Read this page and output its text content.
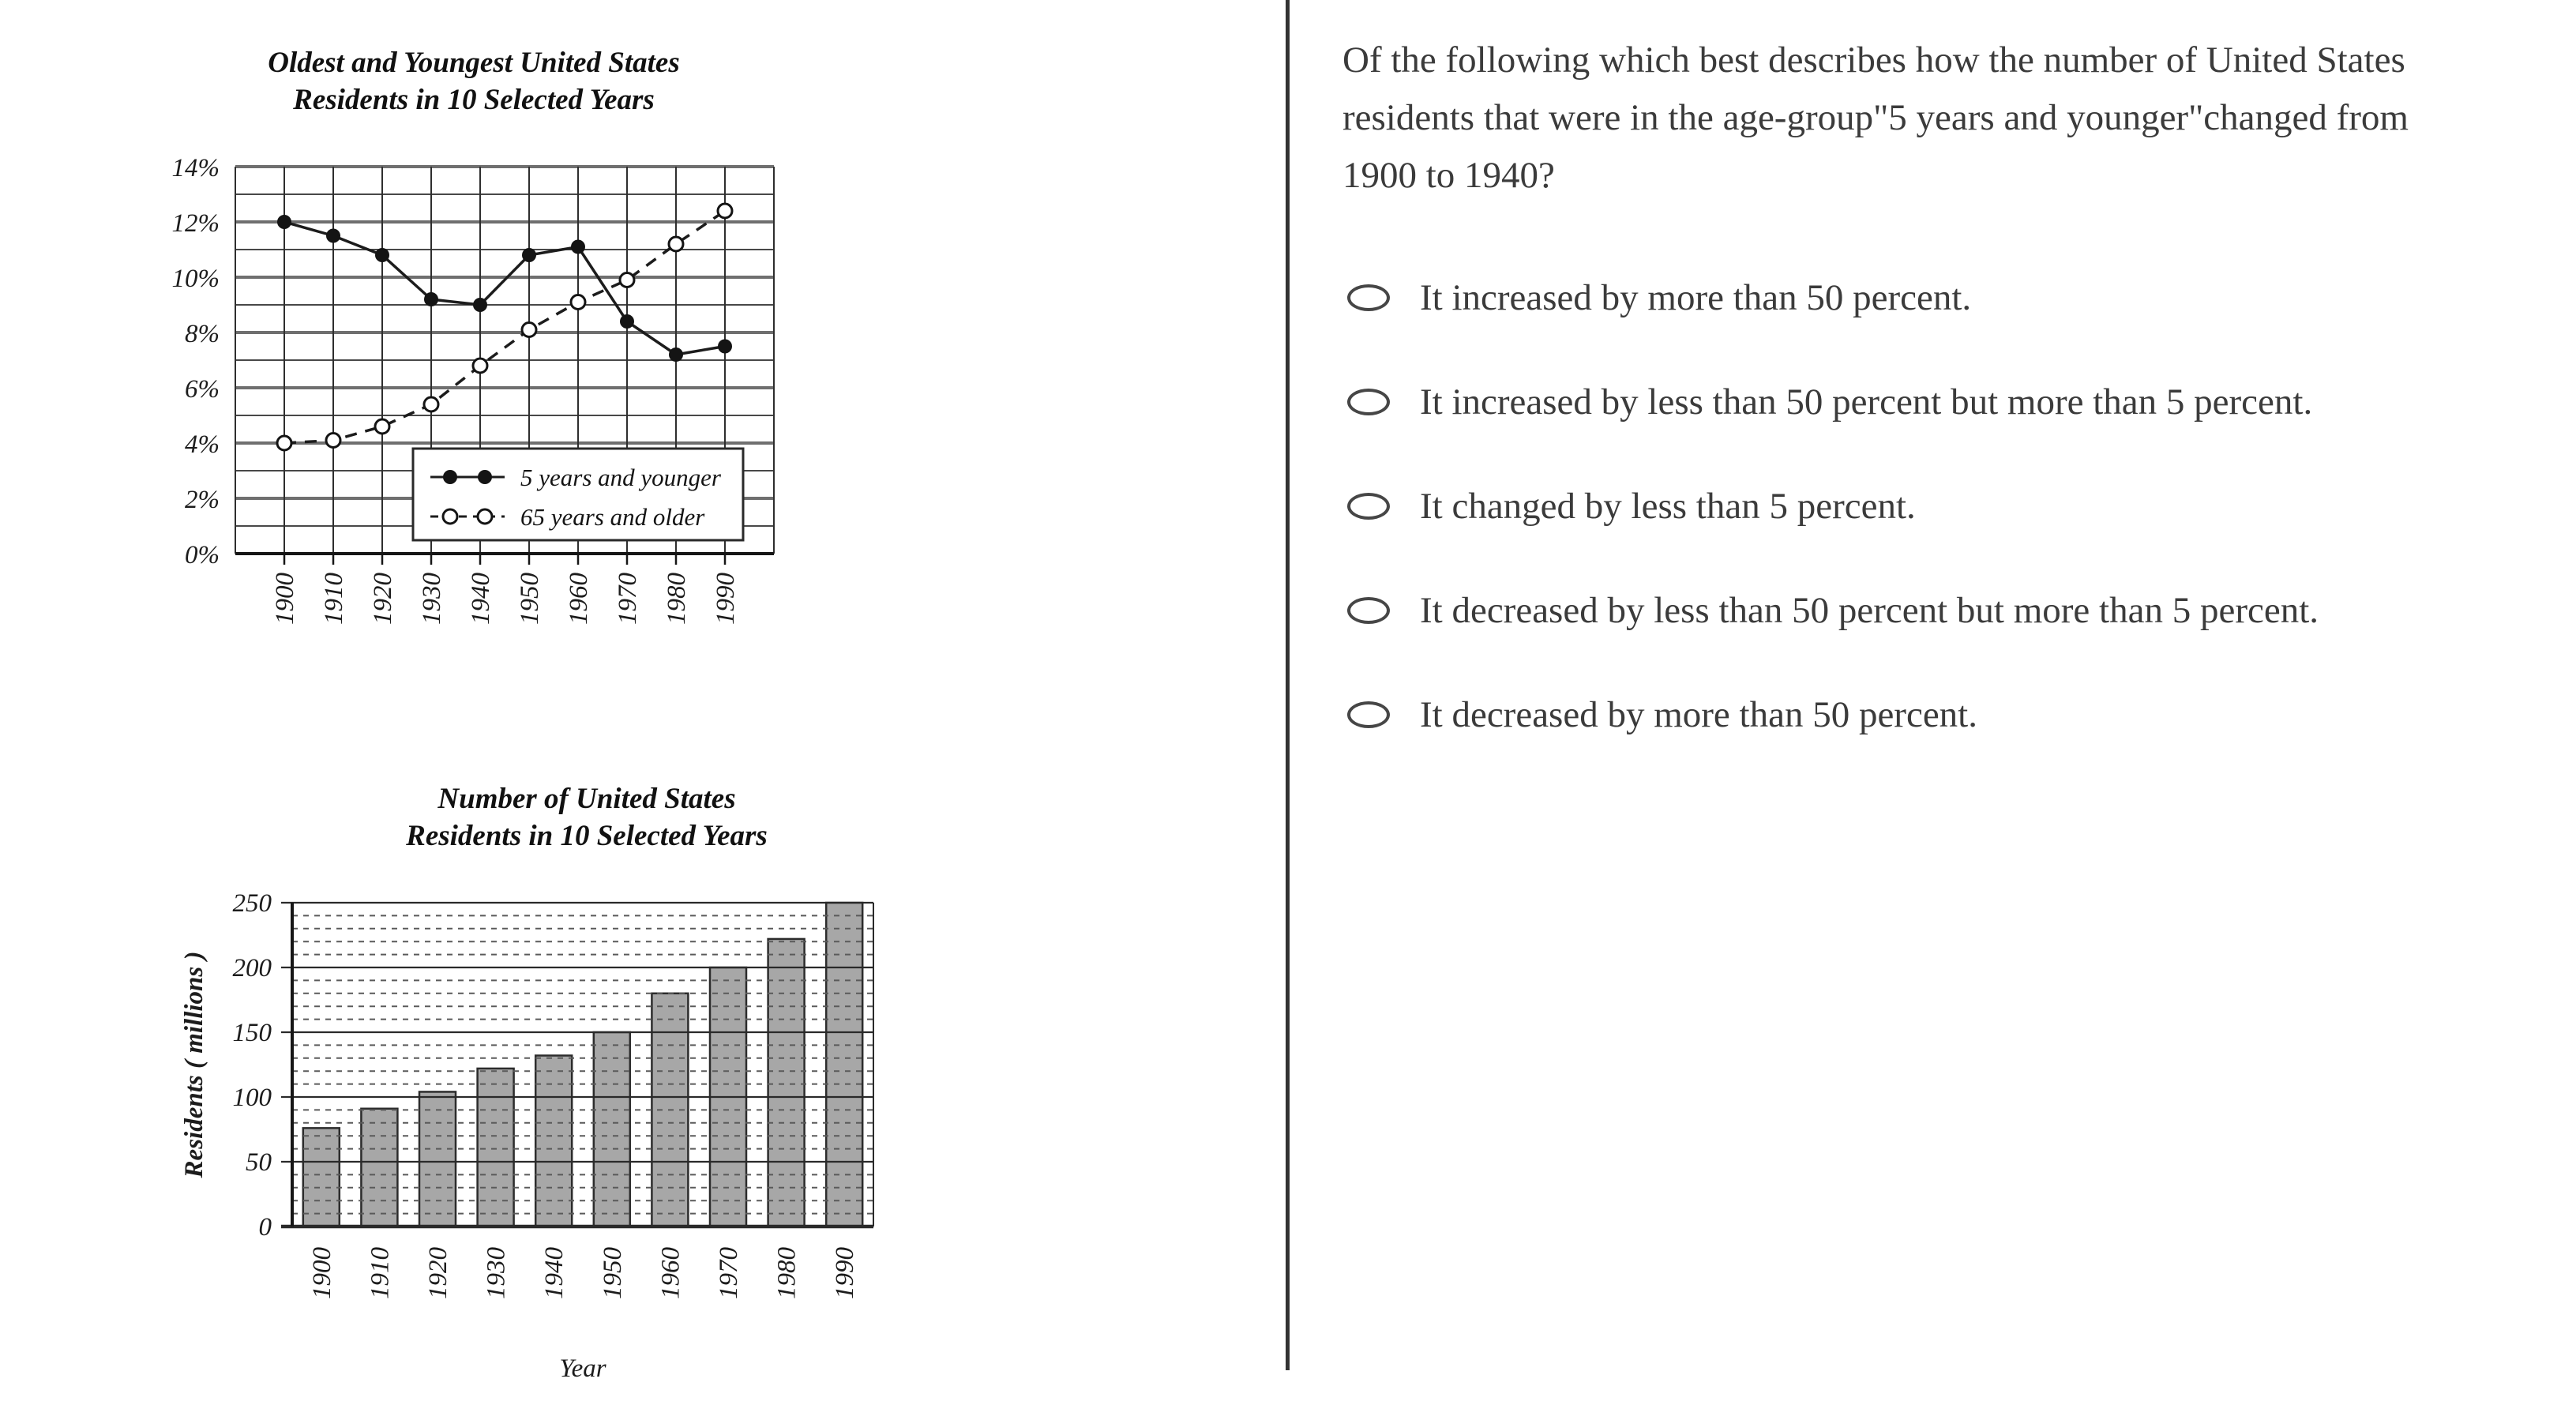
Oldest and Youngest United States
Residents in 10 Selected Years
0%
2%
4%
6%
8%
10%
12%
14%
1900 1910 1920 1930 1940 1950 1960 1970 1980 1990
5 years and younger
65 years and older
Number of United States
Residents in 10 Selected Years
0
50
100
150
200
250
1900 1910 1920 1930 1940 1950 1960 1970 1980 1990
Year
Residents ( millions )
Of the following which best describes how the number of United States residents that were in the age-group"5 years and younger"changed from 1900 to 1940?
It increased by more than 50 percent.
It increased by less than 50 percent but more than 5 percent.
It changed by less than 5 percent.
It decreased by less than 50 percent but more than 5 percent.
It decreased by more than 50 percent.
